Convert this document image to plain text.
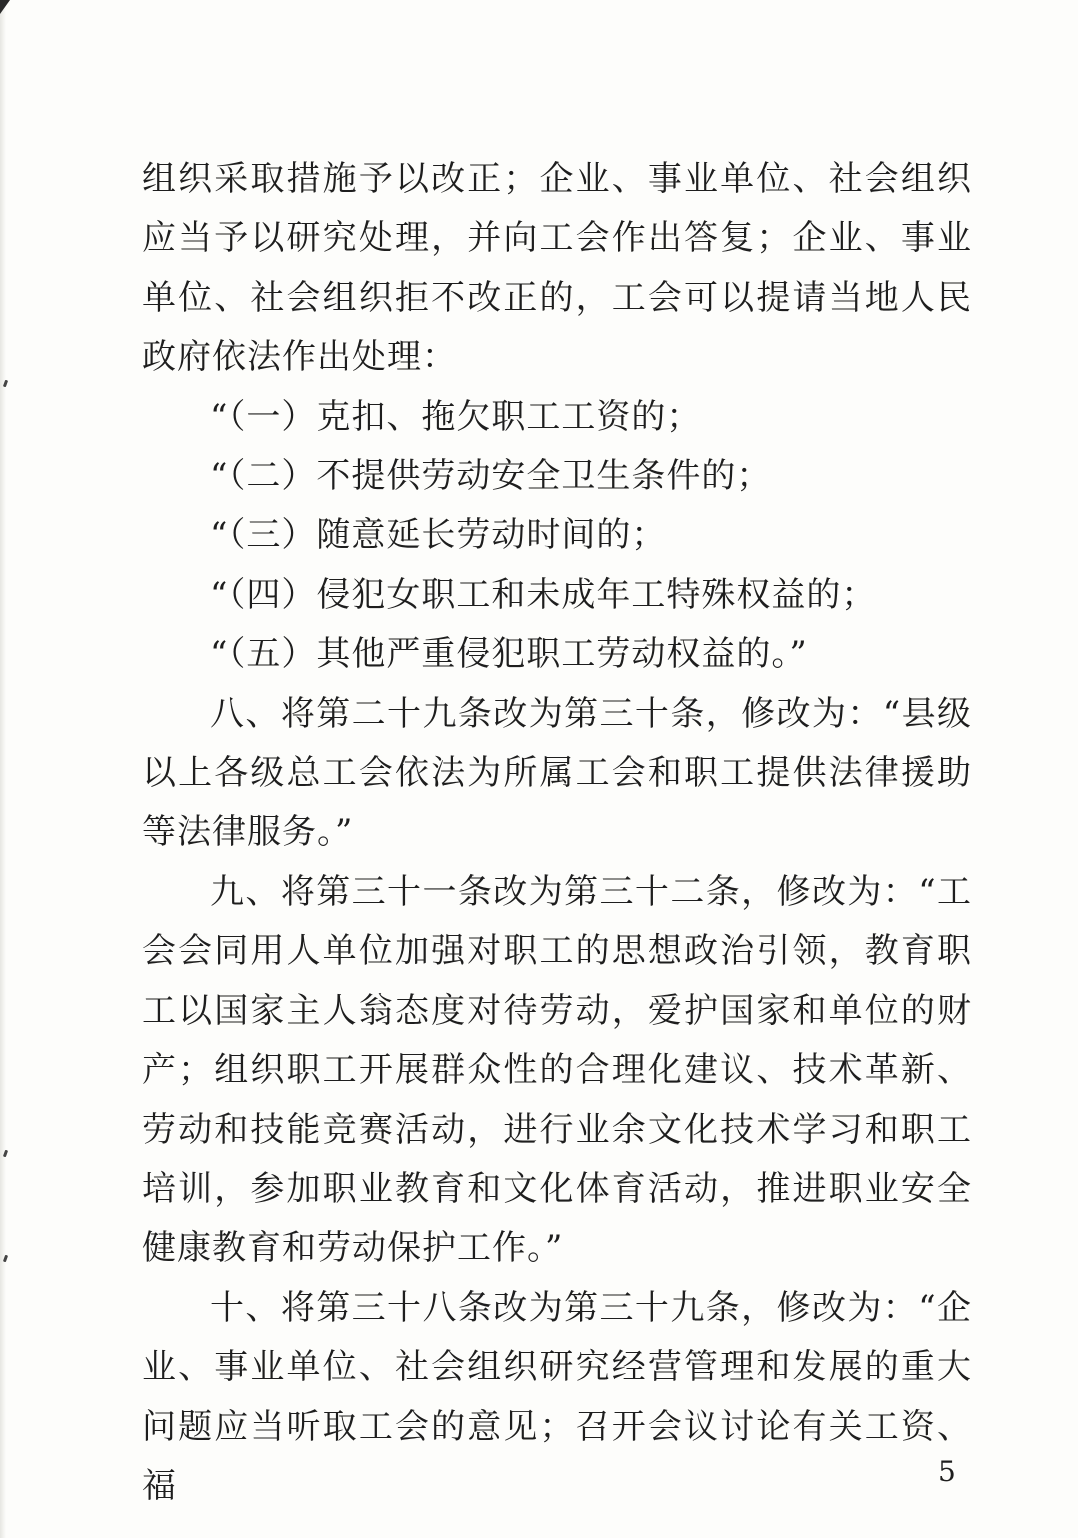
组织采取措施予以改正；企业、事业单位、社会组织应当予以研究处理，并向工会作出答复；企业、事业单位、社会组织拒不改正的，工会可以提请当地人民政府依法作出处理：

“（一）克扣、拖欠职工工资的；

“（二）不提供劳动安全卫生条件的；

“（三）随意延长劳动时间的；

“（四）侵犯女职工和未成年工特殊权益的；

“（五）其他严重侵犯职工劳动权益的。”

八、将第二十九条改为第三十条，修改为：“县级以上各级总工会依法为所属工会和职工提供法律援助等法律服务。”

九、将第三十一条改为第三十二条，修改为：“工会会同用人单位加强对职工的思想政治引领，教育职工以国家主人翁态度对待劳动，爱护国家和单位的财产；组织职工开展群众性的合理化建议、技术革新、劳动和技能竞赛活动，进行业余文化技术学习和职工培训，参加职业教育和文化体育活动，推进职业安全健康教育和劳动保护工作。”

十、将第三十八条改为第三十九条，修改为：“企业、事业单位、社会组织研究经营管理和发展的重大问题应当听取工会的意见；召开会议讨论有关工资、福	5
